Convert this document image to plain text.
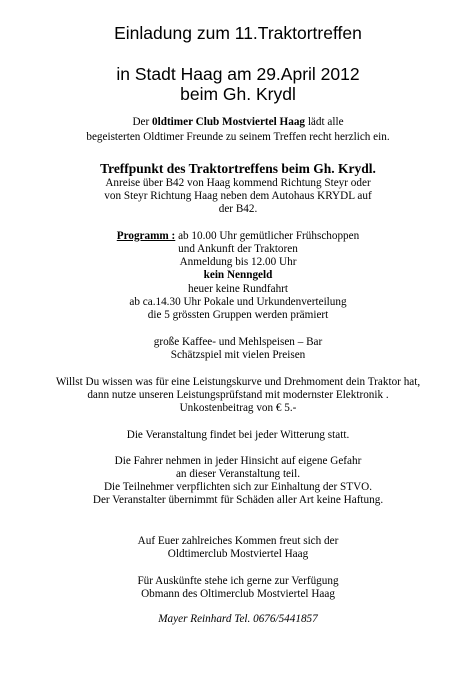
Einladung zum 11.Traktortreffen
in Stadt Haag am 29.April 2012
beim Gh. Krydl
Der 0ldtimer Club Mostviertel Haag lädt alle
begeisterten Oldtimer Freunde zu seinem Treffen recht herzlich ein.
Treffpunkt des Traktortreffens beim Gh. Krydl.
Anreise über B42 von Haag kommend Richtung Steyr oder
von Steyr Richtung Haag neben dem Autohaus KRYDL auf
der B42.
Programm : ab 10.00 Uhr gemütlicher Frühschoppen
und Ankunft der Traktoren
Anmeldung bis 12.00 Uhr
kein Nenngeld
heuer keine Rundfahrt
ab ca.14.30 Uhr Pokale und Urkundenverteilung
die 5 grössten Gruppen werden prämiert
große Kaffee- und Mehlspeisen – Bar
Schätzspiel mit vielen Preisen
Willst Du wissen was für eine Leistungskurve und Drehmoment dein Traktor hat,
dann nutze unseren Leistungsprüfstand mit modernster Elektronik .
Unkostenbeitrag von € 5.-
Die Veranstaltung findet bei jeder Witterung statt.
Die Fahrer nehmen in jeder Hinsicht auf eigene Gefahr
an dieser Veranstaltung teil.
Die Teilnehmer verpflichten sich zur Einhaltung der STVO.
Der Veranstalter übernimmt für Schäden aller Art keine Haftung.
Auf Euer zahlreiches Kommen freut sich der
Oldtimerclub Mostviertel Haag
Für Auskünfte stehe ich gerne zur Verfügung
Obmann des Oltimerclub Mostviertel Haag
Mayer Reinhard Tel. 0676/5441857
